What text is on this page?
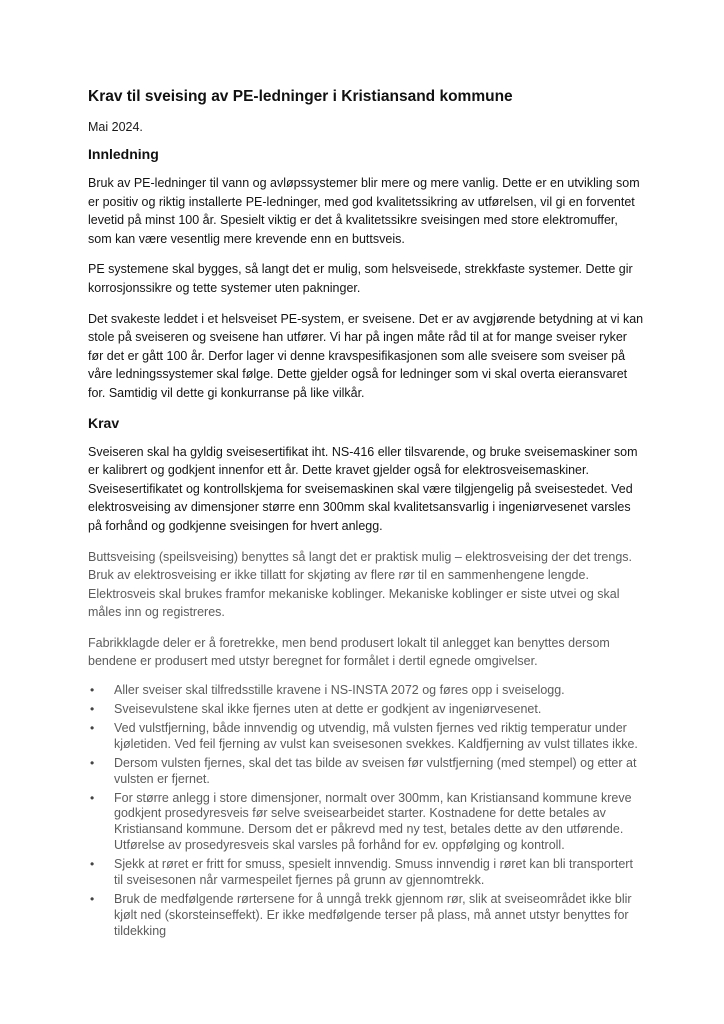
Krav til sveising av PE-ledninger i Kristiansand kommune

Mai 2024.

Innledning

Bruk av PE-ledninger til vann og avløpssystemer blir mere og mere vanlig. Dette er en utvikling som er positiv og riktig installerte PE-ledninger, med god kvalitetssikring av utførelsen, vil gi en forventet levetid på minst 100 år. Spesielt viktig er det å kvalitetssikre sveisingen med store elektromuffer, som kan være vesentlig mere krevende enn en buttsveis.

PE systemene skal bygges, så langt det er mulig, som helsveisede, strekkfaste systemer. Dette gir korrosjonssikre og tette systemer uten pakninger.

Det svakeste leddet i et helsveiset PE-system, er sveisene. Det er av avgjørende betydning at vi kan stole på sveiseren og sveisene han utfører. Vi har på ingen måte råd til at for mange sveiser ryker før det er gått 100 år. Derfor lager vi denne kravspesifikasjonen som alle sveisere som sveiser på våre ledningssystemer skal følge. Dette gjelder også for ledninger som vi skal overta eieransvaret for. Samtidig vil dette gi konkurranse på like vilkår.

Krav

Sveiseren skal ha gyldig sveisesertifikat iht. NS-416 eller tilsvarende, og bruke sveisemaskiner som er kalibrert og godkjent innenfor ett år. Dette kravet gjelder også for elektrosveisemaskiner. Sveisesertifikatet og kontrollskjema for sveisemaskinen skal være tilgjengelig på sveisestedet. Ved elektrosveising av dimensjoner større enn 300mm skal kvalitetsansvarlig i ingeniørvesenet varsles på forhånd og godkjenne sveisingen for hvert anlegg.

Buttsveising (speilsveising) benyttes så langt det er praktisk mulig – elektrosveising der det trengs. Bruk av elektrosveising er ikke tillatt for skjøting av flere rør til en sammenhengene lengde. Elektrosveis skal brukes framfor mekaniske koblinger. Mekaniske koblinger er siste utvei og skal måles inn og registreres.

Fabrikklagde deler er å foretrekke, men bend produsert lokalt til anlegget kan benyttes dersom bendene er produsert med utstyr beregnet for formålet i dertil egnede omgivelser.

• Aller sveiser skal tilfredsstille kravene i NS-INSTA 2072 og føres opp i sveiselogg.
• Sveisevulstene skal ikke fjernes uten at dette er godkjent av ingeniørvesenet.
• Ved vulstfjerning, både innvendig og utvendig, må vulsten fjernes ved riktig temperatur under kjøletiden. Ved feil fjerning av vulst kan sveisesonen svekkes. Kaldfjerning av vulst tillates ikke.
• Dersom vulsten fjernes, skal det tas bilde av sveisen før vulstfjerning (med stempel) og etter at vulsten er fjernet.
• For større anlegg i store dimensjoner, normalt over 300mm, kan Kristiansand kommune kreve godkjent prosedyresveis før selve sveisearbeidet starter. Kostnadene for dette betales av Kristiansand kommune. Dersom det er påkrevd med ny test, betales dette av den utførende. Utførelse av prosedyresveis skal varsles på forhånd for ev. oppfølging og kontroll.
• Sjekk at røret er fritt for smuss, spesielt innvendig. Smuss innvendig i røret kan bli transportert til sveisesonen når varmespeilet fjernes på grunn av gjennomtrekk.
• Bruk de medfølgende rørtersene for å unngå trekk gjennom rør, slik at sveiseområdet ikke blir kjølt ned (skorsteinseffekt). Er ikke medfølgende terser på plass, må annet utstyr benyttes for tildekking
